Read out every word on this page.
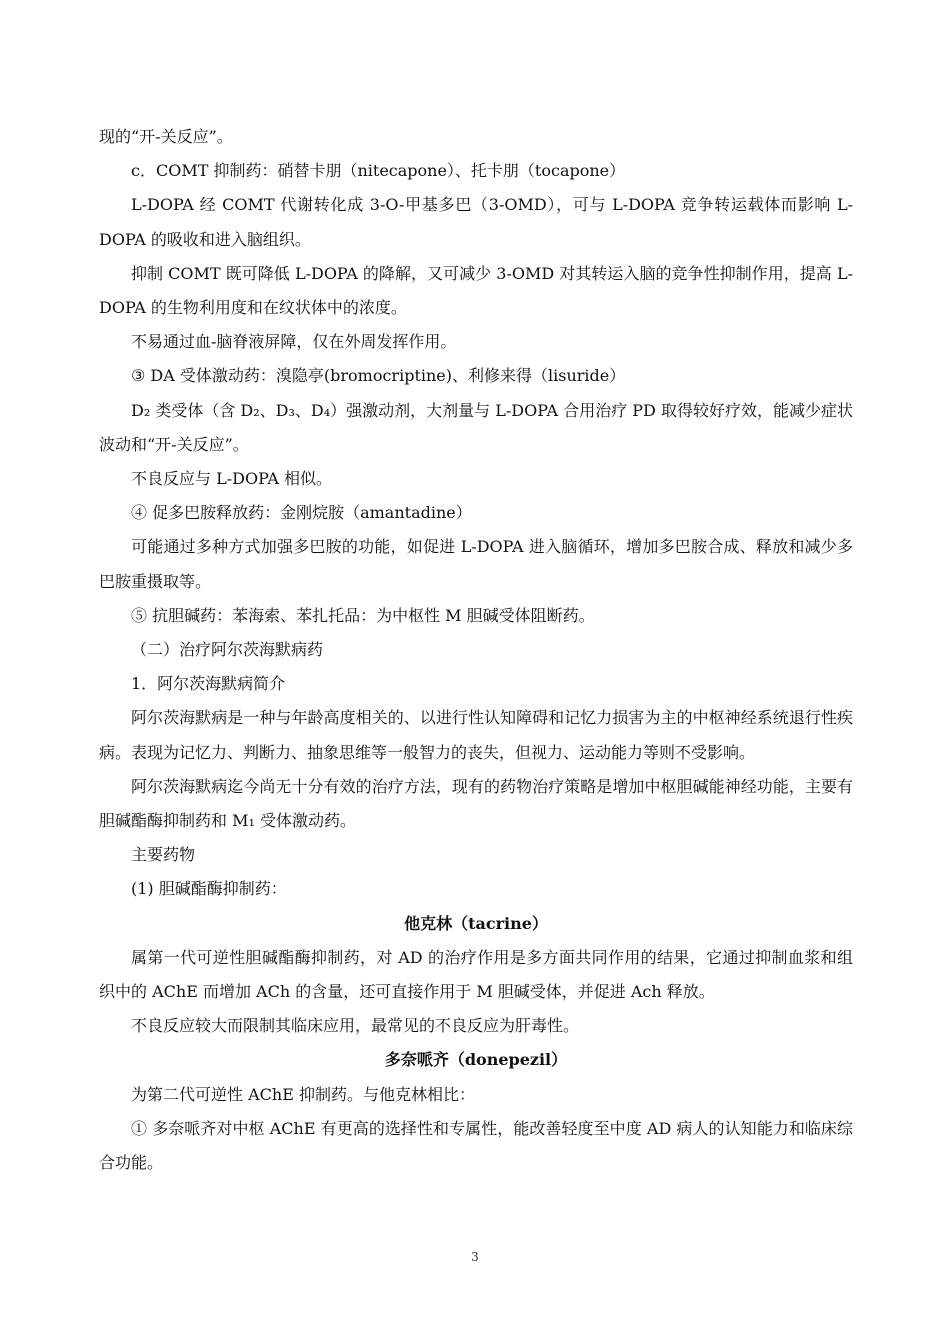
现的“开-关反应”。

c．COMT 抑制药：硝替卡朋（nitecapone）、托卡朋（tocapone）

L-DOPA 经 COMT 代谢转化成 3-O-甲基多巴（3-OMD），可与 L-DOPA 竞争转运载体而影响 L-DOPA 的吸收和进入脑组织。

抑制 COMT 既可降低 L-DOPA 的降解，又可减少 3-OMD 对其转运入脑的竞争性抑制作用，提高 L-DOPA 的生物利用度和在纹状体中的浓度。

不易通过血-脑脊液屏障，仅在外周发挥作用。

③ DA 受体激动药：溴隐亭(bromocriptine)、利修来得（lisuride）

D₂ 类受体（含 D₂、D₃、D₄）强激动剂，大剂量与 L-DOPA 合用治疗 PD 取得较好疗效，能减少症状波动和“开-关反应”。

不良反应与 L-DOPA 相似。

④ 促多巴胺释放药：金刚烷胺（amantadine）

可能通过多种方式加强多巴胺的功能，如促进 L-DOPA 进入脑循环，增加多巴胺合成、释放和减少多巴胺重摄取等。

⑤ 抗胆碱药：苯海索、苯扎托品：为中枢性 M 胆碱受体阻断药。

（二）治疗阿尔茨海默病药

1．阿尔茨海默病简介

阿尔茨海默病是一种与年龄高度相关的、以进行性认知障碍和记忆力损害为主的中枢神经系统退行性疾病。表现为记忆力、判断力、抽象思维等一般智力的丧失，但视力、运动能力等则不受影响。

阿尔茨海默病迄今尚无十分有效的治疗方法，现有的药物治疗策略是增加中枢胆碱能神经功能，主要有胆碱酯酶抑制药和 M₁ 受体激动药。

主要药物

(1) 胆碱酯酶抑制药：

他克林（tacrine）

属第一代可逆性胆碱酯酶抑制药，对 AD 的治疗作用是多方面共同作用的结果，它通过抑制血浆和组织中的 AChE 而增加 ACh 的含量，还可直接作用于 M 胆碱受体，并促进 Ach 释放。

不良反应较大而限制其临床应用，最常见的不良反应为肝毒性。

多奈哌齐（donepezil）

为第二代可逆性 AChE 抑制药。与他克林相比：

① 多奈哌齐对中枢 AChE 有更高的选择性和专属性，能改善轻度至中度 AD 病人的认知能力和临床综合功能。

3
